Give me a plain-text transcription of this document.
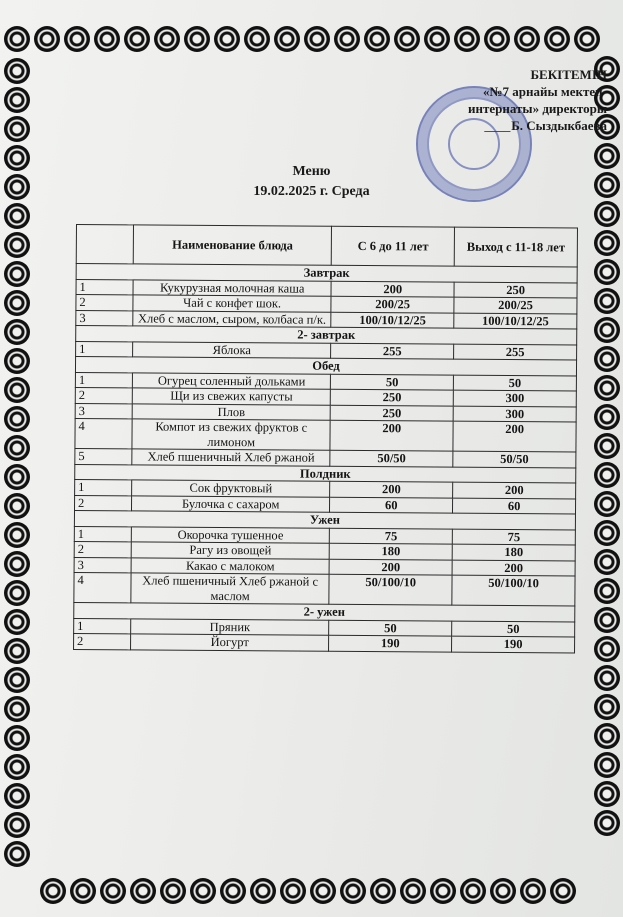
БЕКІТЕМІН
«№7 арнайы мектеп-
интернаты» директоры
____Б. Сыздыкбаева
Меню
19.02.2025 г. Среда
	Наименование блюда	С 6 до 11 лет	Выход с 11-18 лет
Завтрак			
1	Кукурузная молочная каша	200	250
2	Чай с конфет шок.	200/25	200/25
3	Хлеб с маслом, сыром, колбаса п/к.	100/10/12/25	100/10/12/25
2- завтрак			
1	Яблока	255	255
Обед			
1	Огурец соленный дольками	50	50
2	Щи из свежих капусты	250	300
3	Плов	250	300
4	Компот из свежих фруктов с лимоном	200	200
5	Хлеб пшеничный Хлеб ржаной	50/50	50/50
Полдник			
1	Сок фруктовый	200	200
2	Булочка с сахаром	60	60
Ужен			
1	Окорочка тушенное	75	75
2	Рагу из овощей	180	180
3	Какао с малоком	200	200
4	Хлеб пшеничный Хлеб ржаной с маслом	50/100/10	50/100/10
2- ужен			
1	Пряник	50	50
2	Йогурт	190	190
